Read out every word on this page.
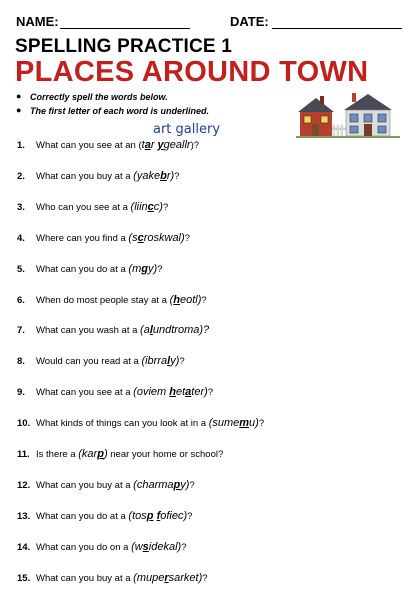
NAME:	DATE:
SPELLING PRACTICE 1
PLACES AROUND TOWN
● Correctly spell the words below.
● The first letter of each word is underlined.
art gallery
1. What can you see at an (tar ygeallr)?
2. What can you buy at a (yakebr)?
3. Who can you see at a (liincc)?
4. Where can you find a (scroskwal)?
5. What can you do at a (mgy)?
6. When do most people stay at a (heotl)?
7. What can you wash at a (alundtroma)?
8. Would can you read at a (ibrraly)?
9. What can you see at a (oviem hetater)?
10. What kinds of things can you look at in a (sumemu)?
11. Is there a (karp) near your home or school?
12. What can you buy at a (charmapy)?
13. What can you do at a (tosp fofiec)?
14. What can you do on a (wsidekal)?
15. What can you buy at a (mupersarket)?
